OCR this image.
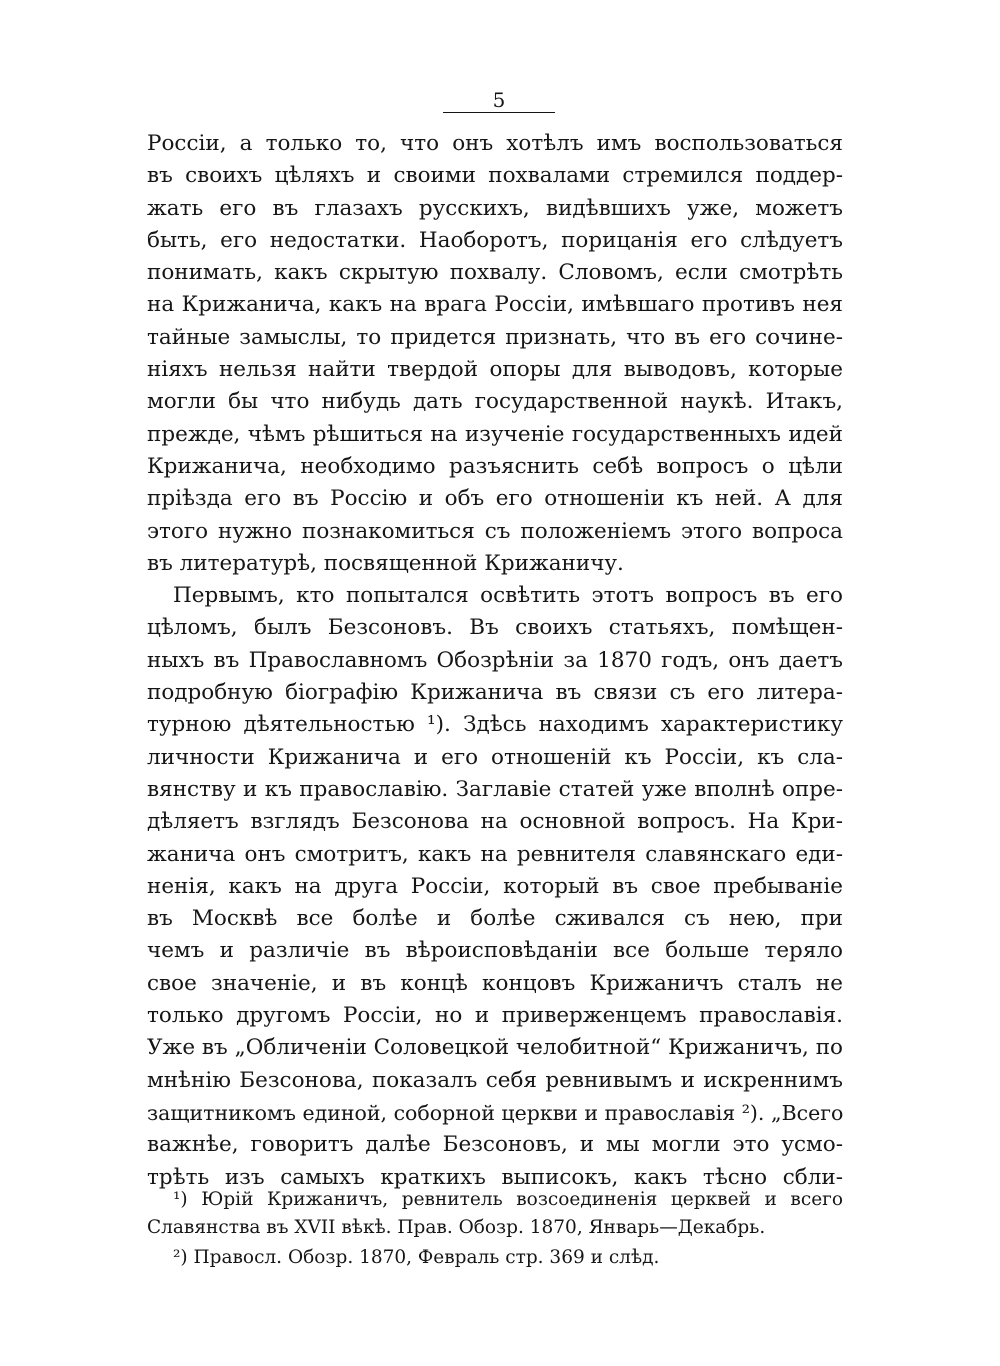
5
Россіи, а только то, что онъ хотѣлъ имъ воспользоваться
въ своихъ цѣляхъ и своими похвалами стремился поддер-
жать его въ глазахъ русскихъ, видѣвшихъ уже, можетъ
быть, его недостатки. Наоборотъ, порицанія его слѣдуетъ
понимать, какъ скрытую похвалу. Словомъ, если смотрѣть
на Крижанича, какъ на врага Россіи, имѣвшаго противъ нея
тайные замыслы, то придется признать, что въ его сочине-
ніяхъ нельзя найти твердой опоры для выводовъ, которые
могли бы что нибудь дать государственной наукѣ. Итакъ,
прежде, чѣмъ рѣшиться на изученіе государственныхъ идей
Крижанича, необходимо разъяснить себѣ вопросъ о цѣли
пріѣзда его въ Россію и объ его отношеніи къ ней. А для
этого нужно познакомиться съ положеніемъ этого вопроса
въ литературѣ, посвященной Крижаничу.
Первымъ, кто попытался освѣтить этотъ вопросъ въ его
цѣломъ, былъ Безсоновъ. Въ своихъ статьяхъ, помѣщен-
ныхъ въ Православномъ Обозрѣніи за 1870 годъ, онъ даетъ
подробную біографію Крижанича въ связи съ его литера-
турною дѣятельностью ¹). Здѣсь находимъ характеристику
личности Крижанича и его отношеній къ Россіи, къ сла-
вянству и къ православію. Заглавіе статей уже вполнѣ опре-
дѣляетъ взглядъ Безсонова на основной вопросъ. На Кри-
жанича онъ смотритъ, какъ на ревнителя славянскаго еди-
ненія, какъ на друга Россіи, который въ свое пребываніе
въ Москвѣ все болѣе и болѣе сживался съ нею, при
чемъ и различіе въ вѣроисповѣданіи все больше теряло
свое значеніе, и въ концѣ концовъ Крижаничъ сталъ не
только другомъ Россіи, но и приверженцемъ православія.
Уже въ „Обличеніи Соловецкой челобитной“ Крижаничъ, по
мнѣнію Безсонова, показалъ себя ревнивымъ и искреннимъ
защитникомъ единой, соборной церкви и православія ²). „Всего
важнѣе, говоритъ далѣе Безсоновъ, и мы могли это усмо-
трѣть изъ самыхъ краткихъ выписокъ, какъ тѣсно сбли-
¹) Юрій Крижаничъ, ревнитель возсоединенія церквей и всего
Славянства въ XVII вѣкѣ. Прав. Обозр. 1870, Январь—Декабрь.
²) Правосл. Обозр. 1870, Февраль стр. 369 и слѣд.
